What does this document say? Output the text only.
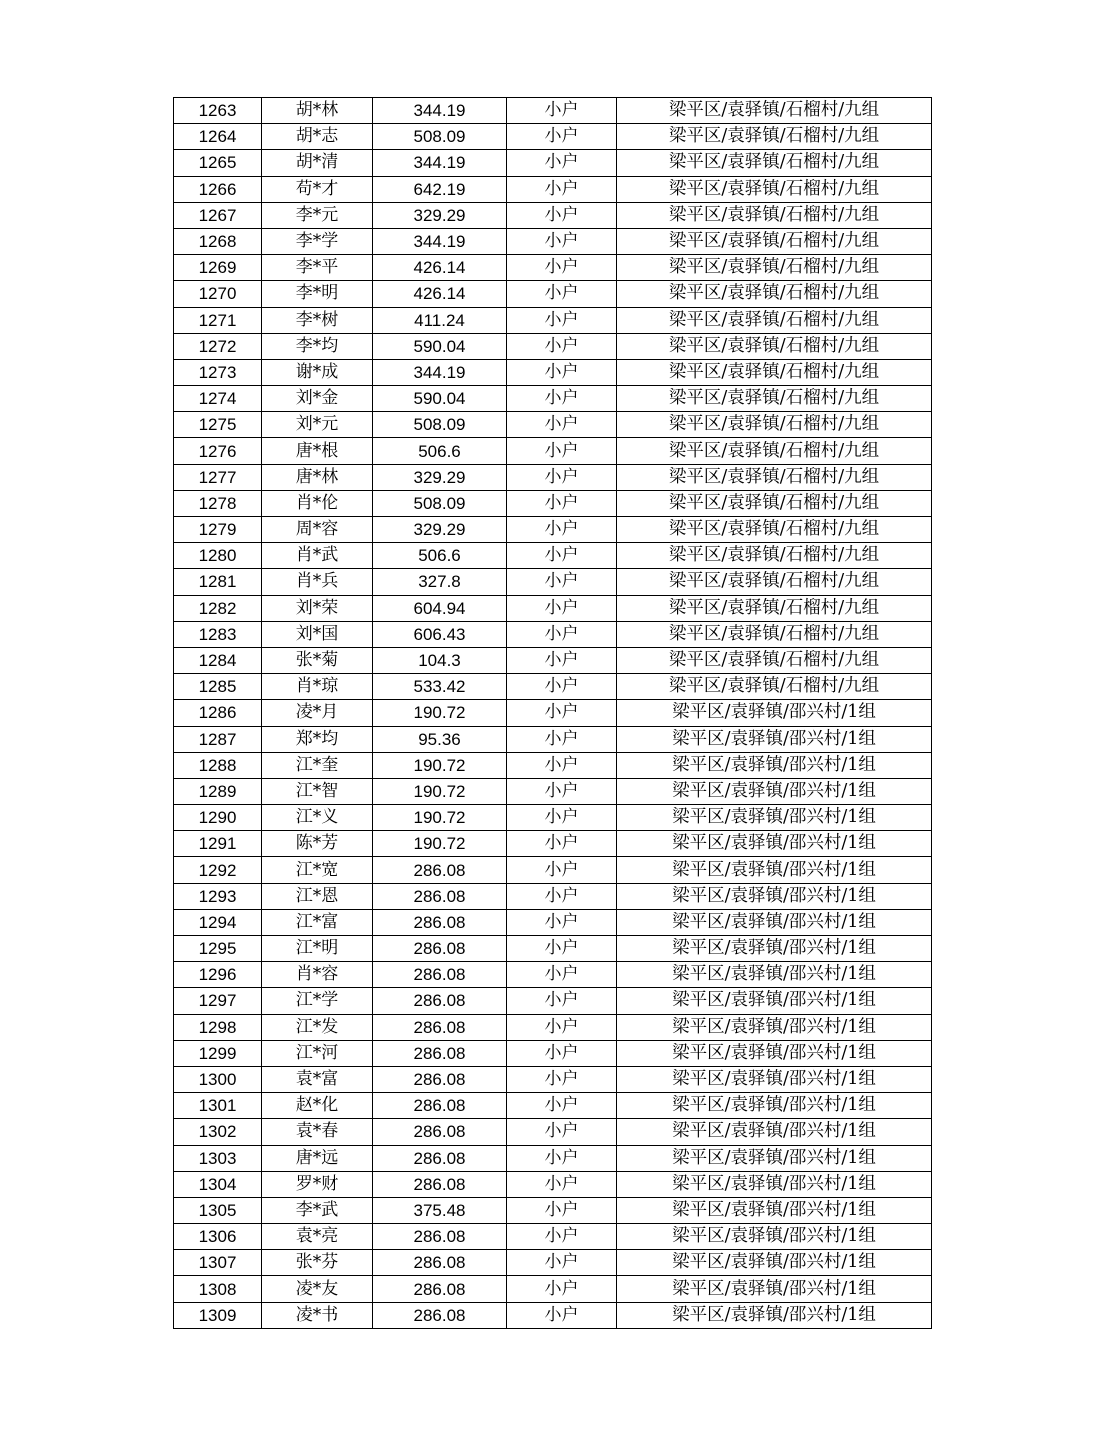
1263	胡*林	344.19	小户	梁平区/袁驿镇/石榴村/九组
1264	胡*志	508.09	小户	梁平区/袁驿镇/石榴村/九组
1265	胡*清	344.19	小户	梁平区/袁驿镇/石榴村/九组
1266	苟*才	642.19	小户	梁平区/袁驿镇/石榴村/九组
1267	李*元	329.29	小户	梁平区/袁驿镇/石榴村/九组
1268	李*学	344.19	小户	梁平区/袁驿镇/石榴村/九组
1269	李*平	426.14	小户	梁平区/袁驿镇/石榴村/九组
1270	李*明	426.14	小户	梁平区/袁驿镇/石榴村/九组
1271	李*树	411.24	小户	梁平区/袁驿镇/石榴村/九组
1272	李*均	590.04	小户	梁平区/袁驿镇/石榴村/九组
1273	谢*成	344.19	小户	梁平区/袁驿镇/石榴村/九组
1274	刘*金	590.04	小户	梁平区/袁驿镇/石榴村/九组
1275	刘*元	508.09	小户	梁平区/袁驿镇/石榴村/九组
1276	唐*根	506.6	小户	梁平区/袁驿镇/石榴村/九组
1277	唐*林	329.29	小户	梁平区/袁驿镇/石榴村/九组
1278	肖*伦	508.09	小户	梁平区/袁驿镇/石榴村/九组
1279	周*容	329.29	小户	梁平区/袁驿镇/石榴村/九组
1280	肖*武	506.6	小户	梁平区/袁驿镇/石榴村/九组
1281	肖*兵	327.8	小户	梁平区/袁驿镇/石榴村/九组
1282	刘*荣	604.94	小户	梁平区/袁驿镇/石榴村/九组
1283	刘*国	606.43	小户	梁平区/袁驿镇/石榴村/九组
1284	张*菊	104.3	小户	梁平区/袁驿镇/石榴村/九组
1285	肖*琼	533.42	小户	梁平区/袁驿镇/石榴村/九组
1286	凌*月	190.72	小户	梁平区/袁驿镇/邵兴村/1组
1287	郑*均	95.36	小户	梁平区/袁驿镇/邵兴村/1组
1288	江*奎	190.72	小户	梁平区/袁驿镇/邵兴村/1组
1289	江*智	190.72	小户	梁平区/袁驿镇/邵兴村/1组
1290	江*义	190.72	小户	梁平区/袁驿镇/邵兴村/1组
1291	陈*芳	190.72	小户	梁平区/袁驿镇/邵兴村/1组
1292	江*宽	286.08	小户	梁平区/袁驿镇/邵兴村/1组
1293	江*恩	286.08	小户	梁平区/袁驿镇/邵兴村/1组
1294	江*富	286.08	小户	梁平区/袁驿镇/邵兴村/1组
1295	江*明	286.08	小户	梁平区/袁驿镇/邵兴村/1组
1296	肖*容	286.08	小户	梁平区/袁驿镇/邵兴村/1组
1297	江*学	286.08	小户	梁平区/袁驿镇/邵兴村/1组
1298	江*发	286.08	小户	梁平区/袁驿镇/邵兴村/1组
1299	江*河	286.08	小户	梁平区/袁驿镇/邵兴村/1组
1300	袁*富	286.08	小户	梁平区/袁驿镇/邵兴村/1组
1301	赵*化	286.08	小户	梁平区/袁驿镇/邵兴村/1组
1302	袁*春	286.08	小户	梁平区/袁驿镇/邵兴村/1组
1303	唐*远	286.08	小户	梁平区/袁驿镇/邵兴村/1组
1304	罗*财	286.08	小户	梁平区/袁驿镇/邵兴村/1组
1305	李*武	375.48	小户	梁平区/袁驿镇/邵兴村/1组
1306	袁*亮	286.08	小户	梁平区/袁驿镇/邵兴村/1组
1307	张*芬	286.08	小户	梁平区/袁驿镇/邵兴村/1组
1308	凌*友	286.08	小户	梁平区/袁驿镇/邵兴村/1组
1309	凌*书	286.08	小户	梁平区/袁驿镇/邵兴村/1组
